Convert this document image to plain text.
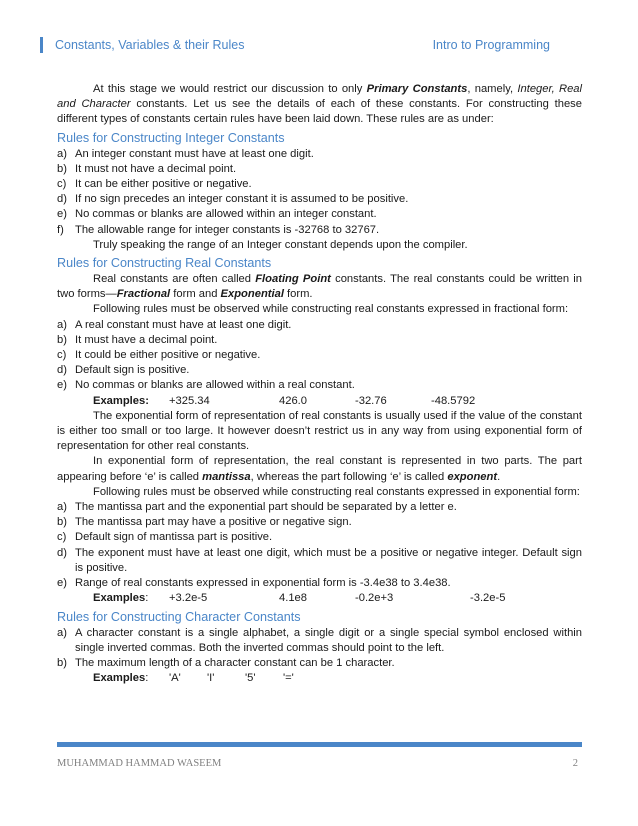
Constants, Variables & their Rules	Intro to Programming

At this stage we would restrict our discussion to only Primary Constants, namely, Integer, Real and Character constants. Let us see the details of each of these constants. For constructing these different types of constants certain rules have been laid down. These rules are as under:

Rules for Constructing Integer Constants
a) An integer constant must have at least one digit.
b) It must not have a decimal point.
c) It can be either positive or negative.
d) If no sign precedes an integer constant it is assumed to be positive.
e) No commas or blanks are allowed within an integer constant.
f) The allowable range for integer constants is -32768 to 32767.

Truly speaking the range of an Integer constant depends upon the compiler.

Rules for Constructing Real Constants

Real constants are often called Floating Point constants. The real constants could be written in two forms—Fractional form and Exponential form.

Following rules must be observed while constructing real constants expressed in fractional form:

a) A real constant must have at least one digit.
b) It must have a decimal point.
c) It could be either positive or negative.
d) Default sign is positive.
e) No commas or blanks are allowed within a real constant.
Examples:	+325.34	426.0	-32.76	-48.5792

The exponential form of representation of real constants is usually used if the value of the constant is either too small or too large. It however doesn’t restrict us in any way from using exponential form of representation for other real constants.

In exponential form of representation, the real constant is represented in two parts. The part appearing before ‘e’ is called mantissa, whereas the part following ‘e’ is called exponent.

Following rules must be observed while constructing real constants expressed in exponential form:

a) The mantissa part and the exponential part should be separated by a letter e.
b) The mantissa part may have a positive or negative sign.
c) Default sign of mantissa part is positive.
d) The exponent must have at least one digit, which must be a positive or negative integer. Default sign is positive.
e) Range of real constants expressed in exponential form is -3.4e38 to 3.4e38.
Examples:	+3.2e-5	4.1e8	-0.2e+3	-3.2e-5
Rules for Constructing Character Constants
a) A character constant is a single alphabet, a single digit or a single special symbol enclosed within single inverted commas. Both the inverted commas should point to the left.
b) The maximum length of a character constant can be 1 character.
Examples:	'A'	'I'	'5'	'='
MUHAMMAD HAMMAD WASEEM	2
